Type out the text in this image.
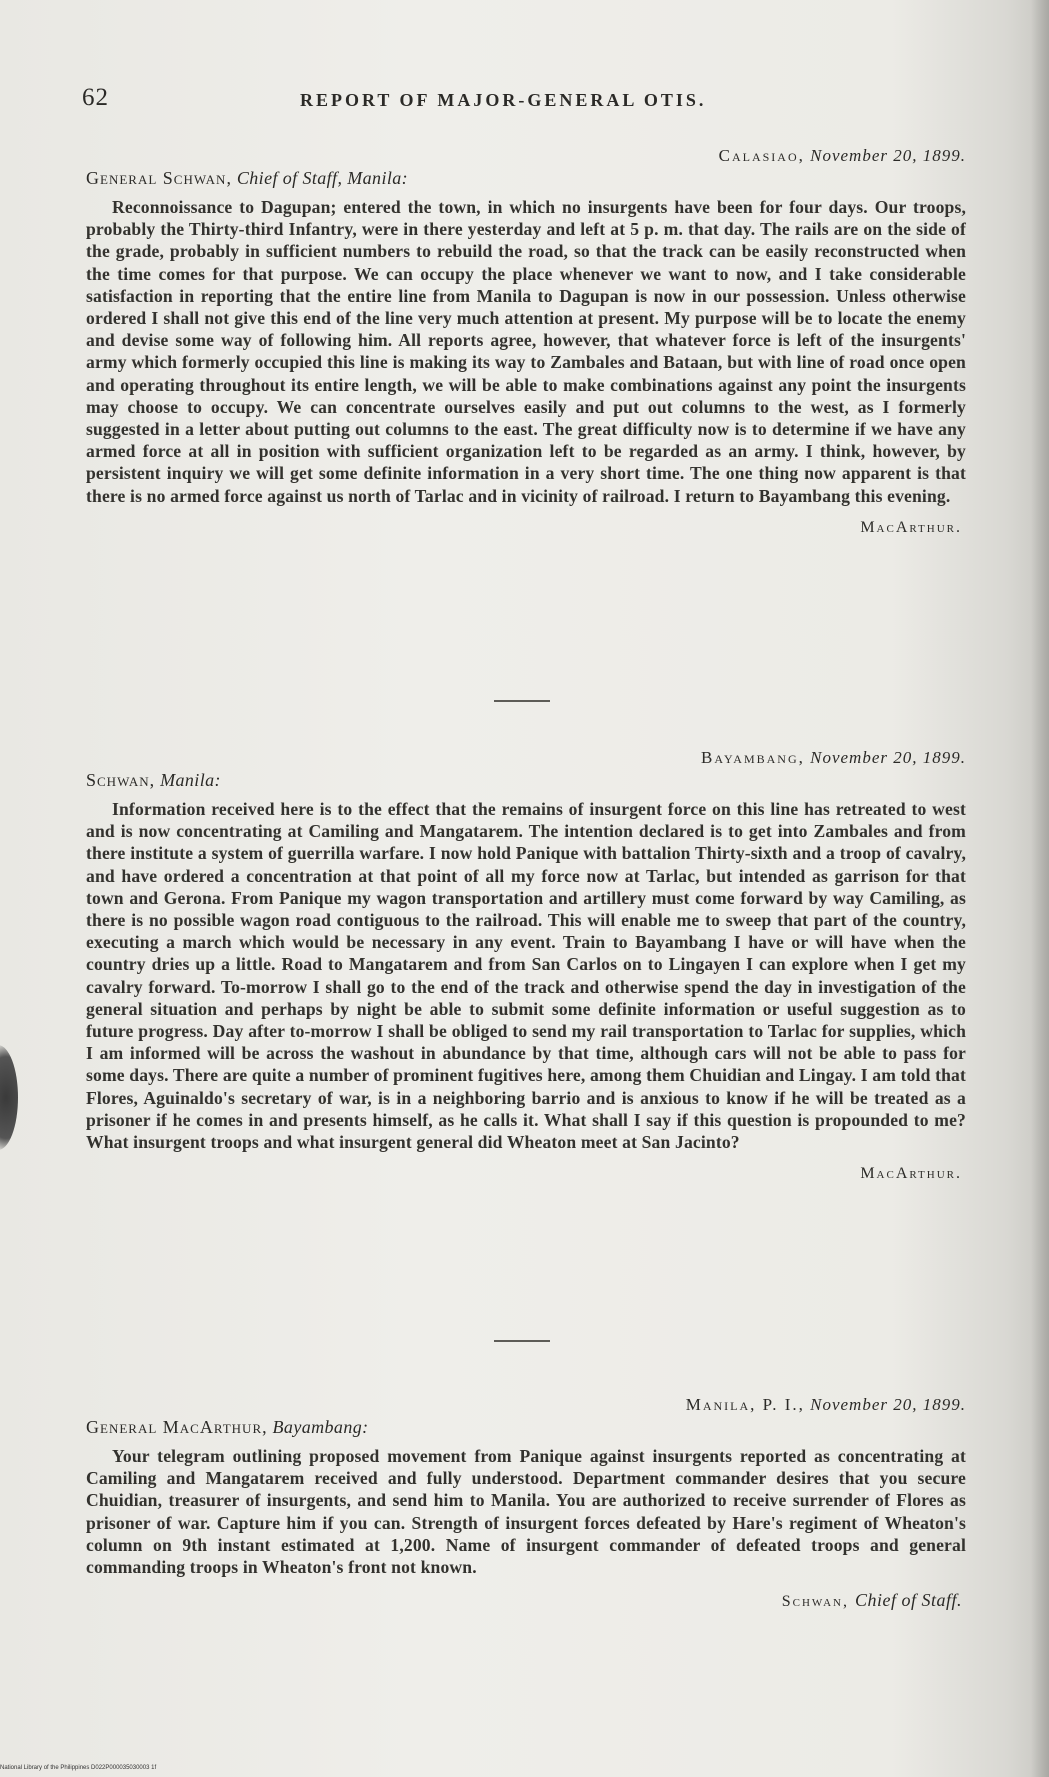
62	REPORT OF MAJOR-GENERAL OTIS.
Calasiao, November 20, 1899.
General Schwan, Chief of Staff, Manila:
Reconnoissance to Dagupan; entered the town, in which no insurgents have been for four days. Our troops, probably the Thirty-third Infantry, were in there yesterday and left at 5 p. m. that day. The rails are on the side of the grade, probably in sufficient numbers to rebuild the road, so that the track can be easily reconstructed when the time comes for that purpose. We can occupy the place whenever we want to now, and I take considerable satisfaction in reporting that the entire line from Manila to Dagupan is now in our possession. Unless otherwise ordered I shall not give this end of the line very much attention at present. My purpose will be to locate the enemy and devise some way of following him. All reports agree, however, that whatever force is left of the insurgents' army which formerly occupied this line is making its way to Zambales and Bataan, but with line of road once open and operating throughout its entire length, we will be able to make combinations against any point the insurgents may choose to occupy. We can concentrate ourselves easily and put out columns to the west, as I formerly suggested in a letter about putting out columns to the east. The great difficulty now is to determine if we have any armed force at all in position with sufficient organization left to be regarded as an army. I think, however, by persistent inquiry we will get some definite information in a very short time. The one thing now apparent is that there is no armed force against us north of Tarlac and in vicinity of railroad. I return to Bayambang this evening.
MacArthur.
Bayambang, November 20, 1899.
Schwan, Manila:
Information received here is to the effect that the remains of insurgent force on this line has retreated to west and is now concentrating at Camiling and Mangatarem. The intention declared is to get into Zambales and from there institute a system of guerrilla warfare. I now hold Panique with battalion Thirty-sixth and a troop of cavalry, and have ordered a concentration at that point of all my force now at Tarlac, but intended as garrison for that town and Gerona. From Panique my wagon transportation and artillery must come forward by way Camiling, as there is no possible wagon road contiguous to the railroad. This will enable me to sweep that part of the country, executing a march which would be necessary in any event. Train to Bayambang I have or will have when the country dries up a little. Road to Mangatarem and from San Carlos on to Lingayen I can explore when I get my cavalry forward. To-morrow I shall go to the end of the track and otherwise spend the day in investigation of the general situation and perhaps by night be able to submit some definite information or useful suggestion as to future progress. Day after to-morrow I shall be obliged to send my rail transportation to Tarlac for supplies, which I am informed will be across the washout in abundance by that time, although cars will not be able to pass for some days. There are quite a number of prominent fugitives here, among them Chuidian and Lingay. I am told that Flores, Aguinaldo's secretary of war, is in a neighboring barrio and is anxious to know if he will be treated as a prisoner if he comes in and presents himself, as he calls it. What shall I say if this question is propounded to me? What insurgent troops and what insurgent general did Wheaton meet at San Jacinto?
MacArthur.
Manila, P. I., November 20, 1899.
General MacArthur, Bayambang:
Your telegram outlining proposed movement from Panique against insurgents reported as concentrating at Camiling and Mangatarem received and fully understood. Department commander desires that you secure Chuidian, treasurer of insurgents, and send him to Manila. You are authorized to receive surrender of Flores as prisoner of war. Capture him if you can. Strength of insurgent forces defeated by Hare's regiment of Wheaton's column on 9th instant estimated at 1,200. Name of insurgent commander of defeated troops and general commanding troops in Wheaton's front not known.
Schwan, Chief of Staff.
National Library of the Philippines D022P000035030003 1f
